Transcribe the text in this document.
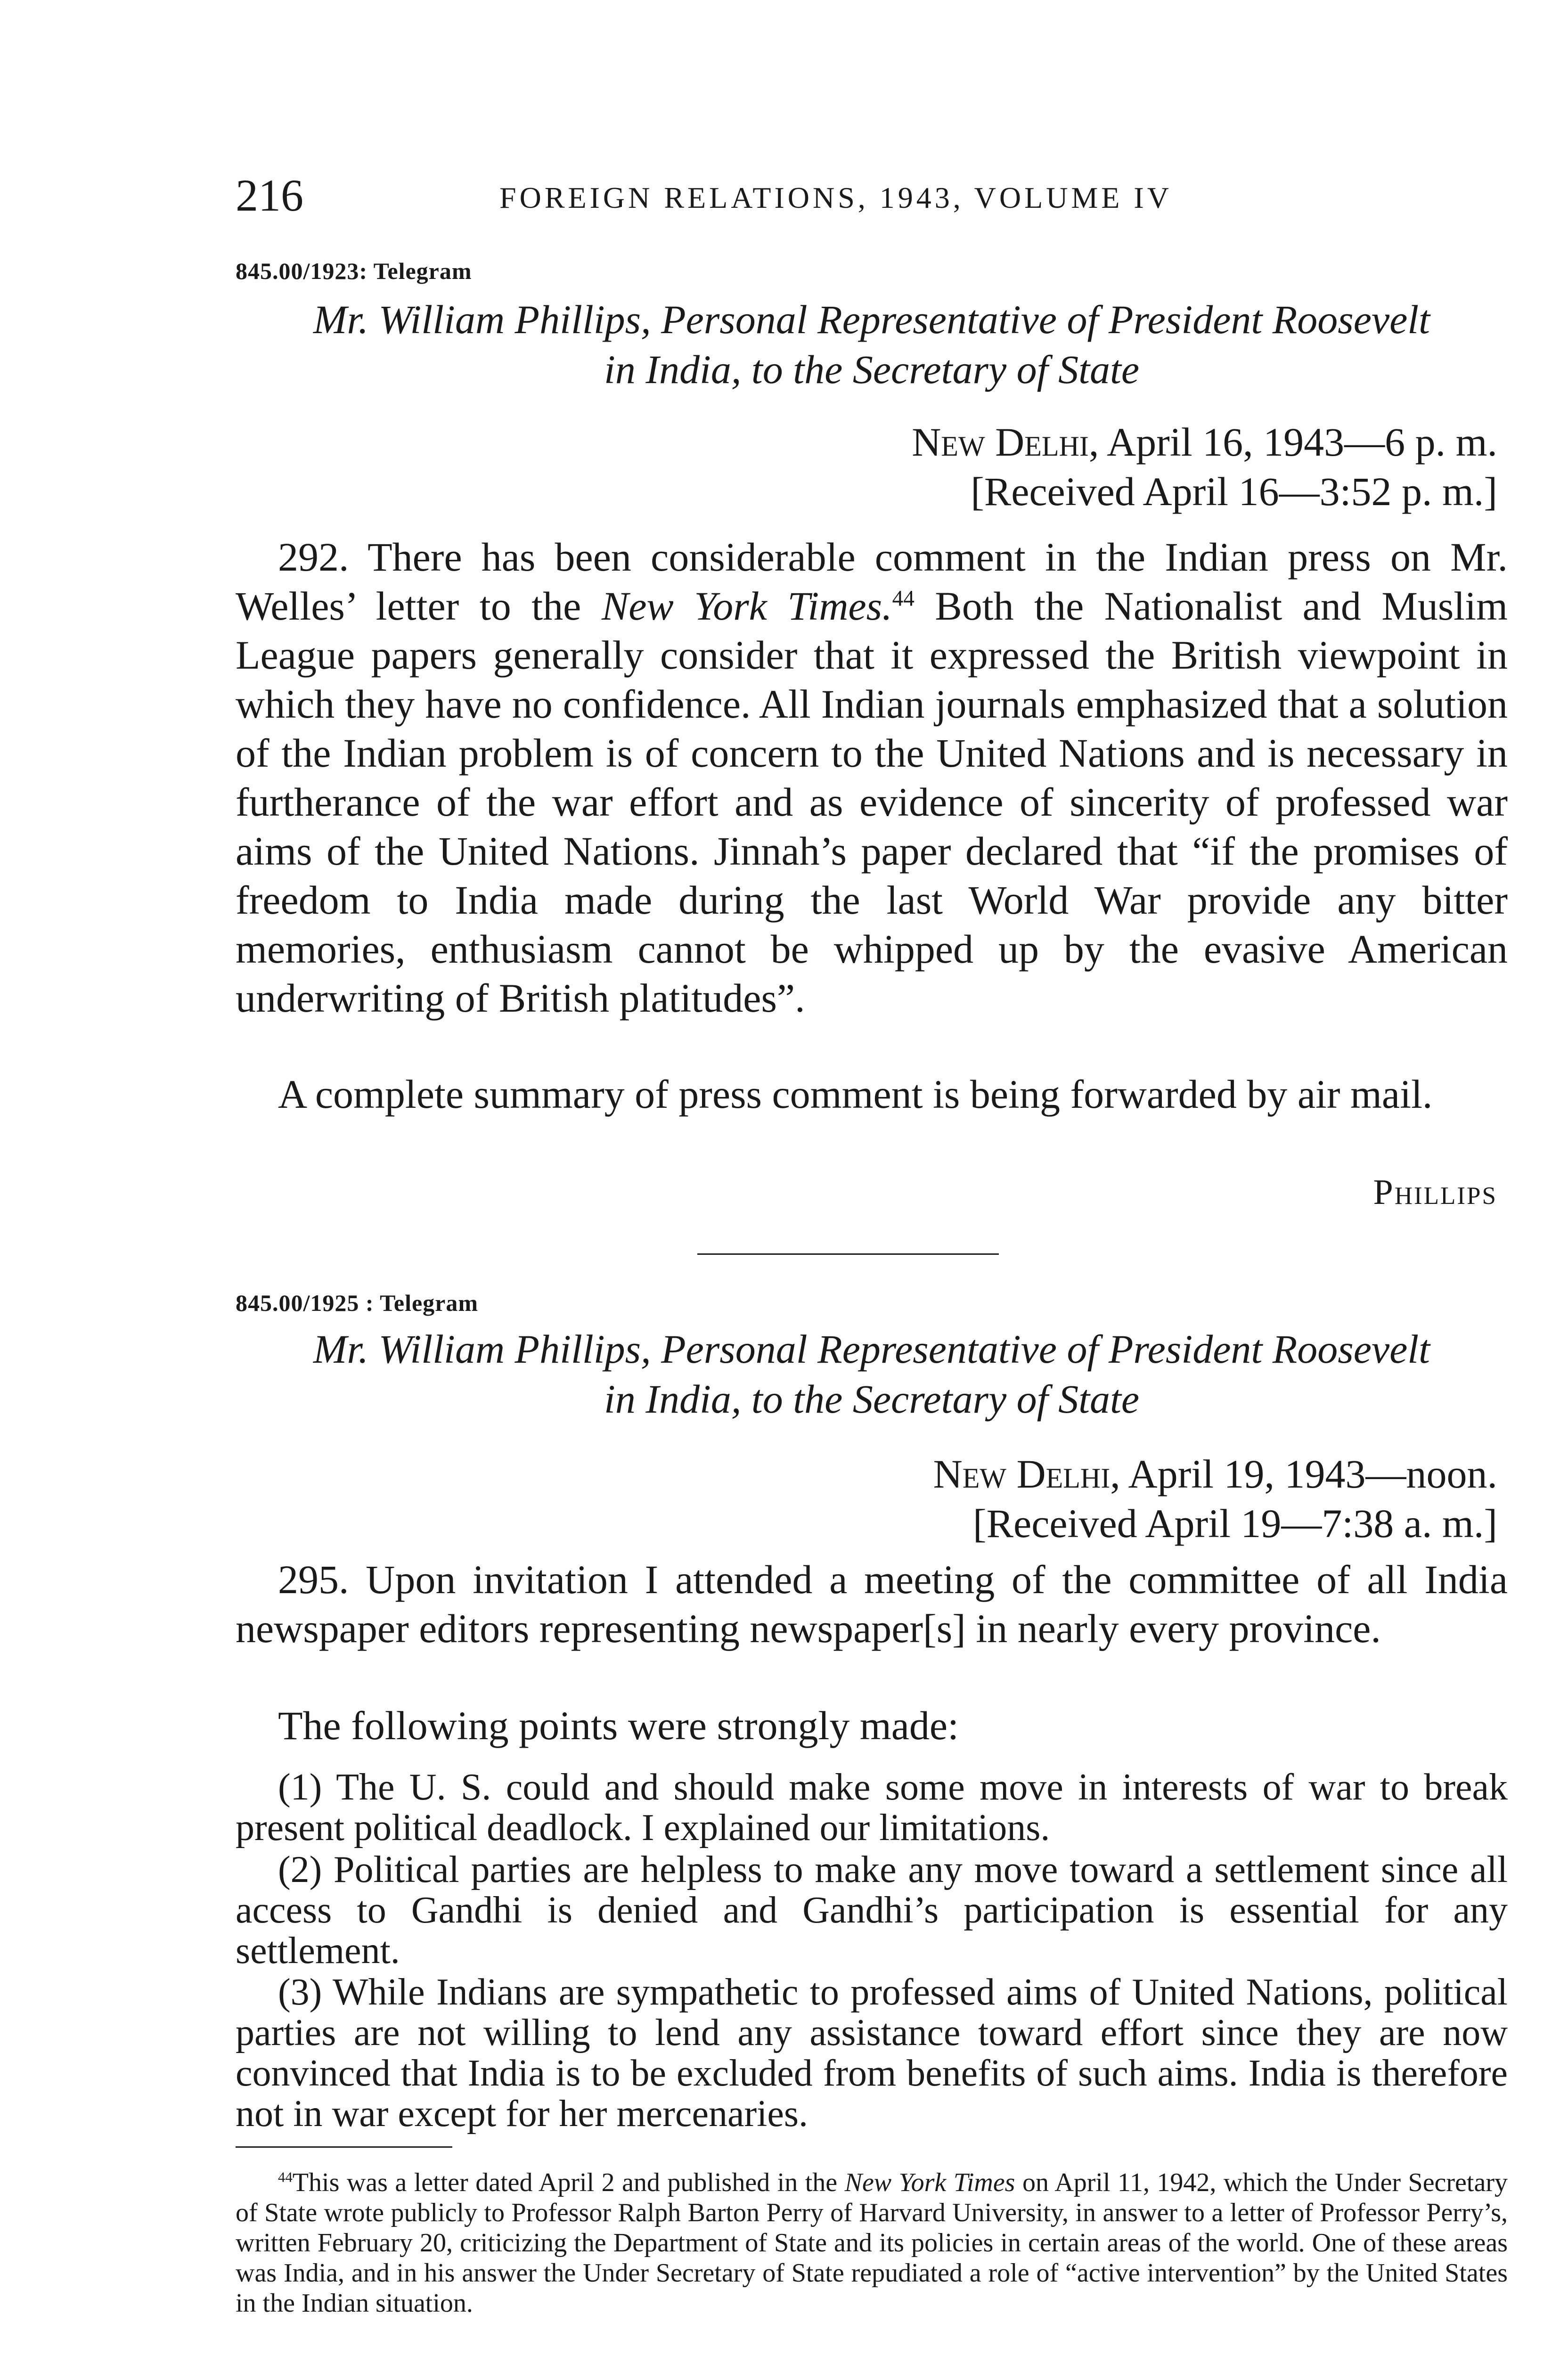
216	FOREIGN RELATIONS, 1943, VOLUME IV
845.00/1923: Telegram
Mr. William Phillips, Personal Representative of President Roosevelt
in India, to the Secretary of State
New Delhi, April 16, 1943—6 p. m.
[Received April 16—3:52 p. m.]

292. There has been considerable comment in the Indian press on Mr. Welles’ letter to the New York Times.$^{44}$ Both the Nationalist and Muslim League papers generally consider that it expressed the British viewpoint in which they have no confidence. All Indian journals emphasized that a solution of the Indian problem is of concern to the United Nations and is necessary in furtherance of the war effort and as evidence of sincerity of professed war aims of the United Nations. Jinnah’s paper declared that “if the promises of freedom to India made during the last World War provide any bitter memories, enthusiasm cannot be whipped up by the evasive American underwriting of British platitudes”.

A complete summary of press comment is being forwarded by air mail.

Phillips
845.00/1925 : Telegram
Mr. William Phillips, Personal Representative of President Roosevelt
in India, to the Secretary of State
New Delhi, April 19, 1943—noon.
[Received April 19—7:38 a. m.]

295. Upon invitation I attended a meeting of the committee of all India newspaper editors representing newspaper[s] in nearly every province.

The following points were strongly made:

(1) The U. S. could and should make some move in interests of war to break present political deadlock. I explained our limitations.

(2) Political parties are helpless to make any move toward a settlement since all access to Gandhi is denied and Gandhi’s participation is essential for any settlement.

(3) While Indians are sympathetic to professed aims of United Nations, political parties are not willing to lend any assistance toward effort since they are now convinced that India is to be excluded from benefits of such aims. India is therefore not in war except for her mercenaries.

$^{44}$This was a letter dated April 2 and published in the New York Times on April 11, 1942, which the Under Secretary of State wrote publicly to Professor Ralph Barton Perry of Harvard University, in answer to a letter of Professor Perry’s, written February 20, criticizing the Department of State and its policies in certain areas of the world. One of these areas was India, and in his answer the Under Secretary of State repudiated a role of “active intervention” by the United States in the Indian situation.
